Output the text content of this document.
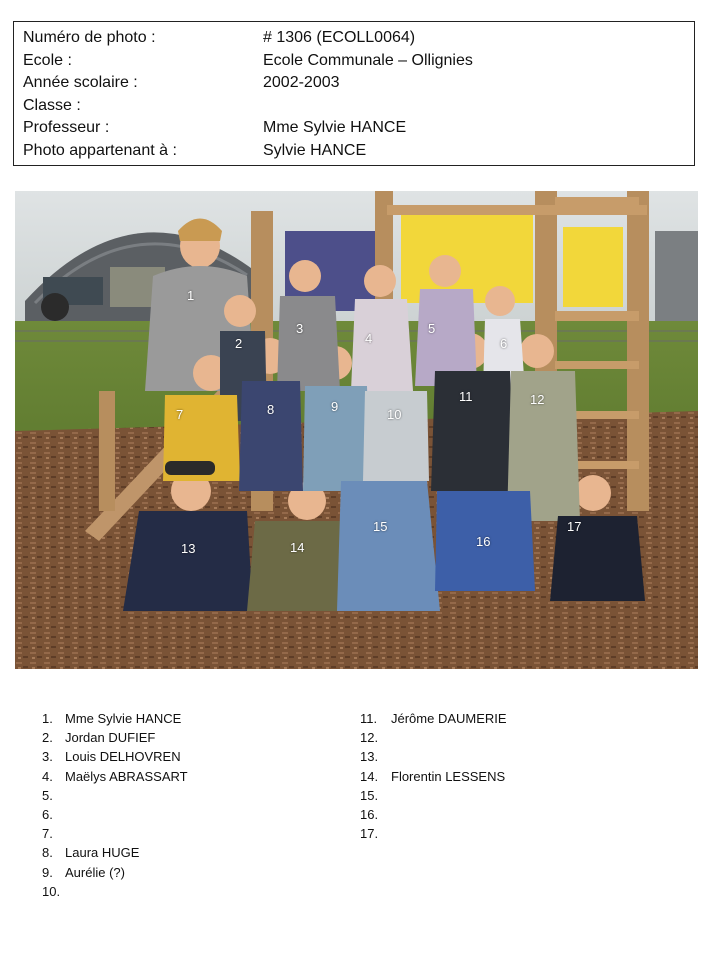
Numéro de photo :	# 1306 (ECOLL0064)
Ecole :	Ecole Communale – Ollignies
Année scolaire :	2002-2003
Classe :
Professeur :	Mme Sylvie HANCE
Photo appartenant à :	Sylvie HANCE
1
2
3
4
5
6
7	8	9
10
11	12
13	14
15
16
17
1. Mme Sylvie HANCE
2. Jordan DUFIEF
3. Louis DELHOVREN
4. Maëlys ABRASSART
5.
6.
7.
8. Laura HUGE
9. Aurélie (?)
10.
11. Jérôme DAUMERIE
12.
13.
14. Florentin LESSENS
15.
16.
17.
